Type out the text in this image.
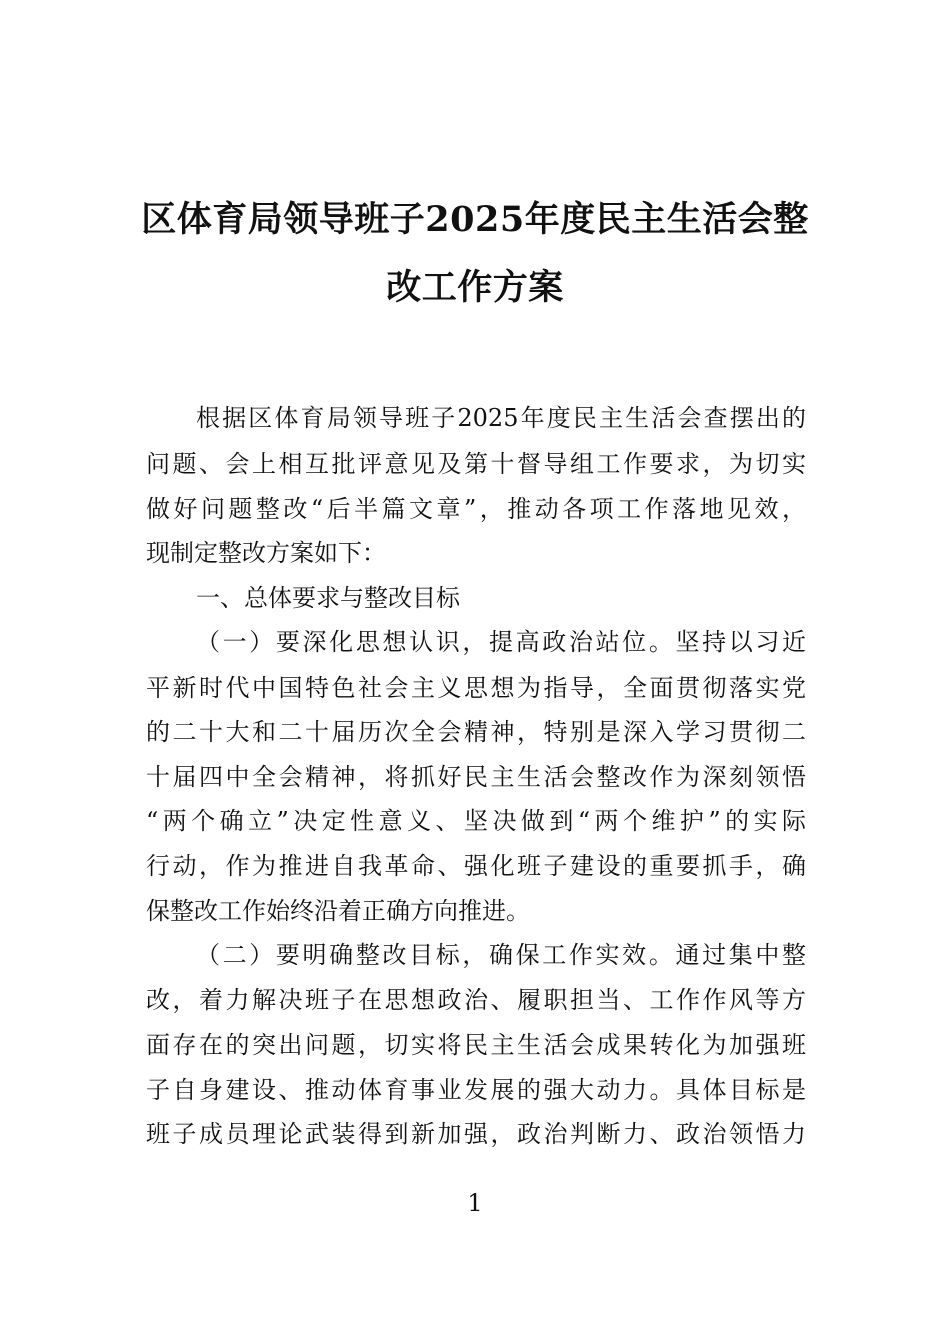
区体育局领导班子2025年度民主生活会整
改工作方案
根据区体育局领导班子2025年度民主生活会查摆出的
问题、会上相互批评意见及第十督导组工作要求，为切实
做好问题整改“后半篇文章”，推动各项工作落地见效，
现制定整改方案如下：
一、总体要求与整改目标
（一）要深化思想认识，提高政治站位。坚持以习近
平新时代中国特色社会主义思想为指导，全面贯彻落实党
的二十大和二十届历次全会精神，特别是深入学习贯彻二
十届四中全会精神，将抓好民主生活会整改作为深刻领悟
“两个确立”决定性意义、坚决做到“两个维护”的实际
行动，作为推进自我革命、强化班子建设的重要抓手，确
保整改工作始终沿着正确方向推进。
（二）要明确整改目标，确保工作实效。通过集中整
改，着力解决班子在思想政治、履职担当、工作作风等方
面存在的突出问题，切实将民主生活会成果转化为加强班
子自身建设、推动体育事业发展的强大动力。具体目标是
班子成员理论武装得到新加强，政治判断力、政治领悟力
1
